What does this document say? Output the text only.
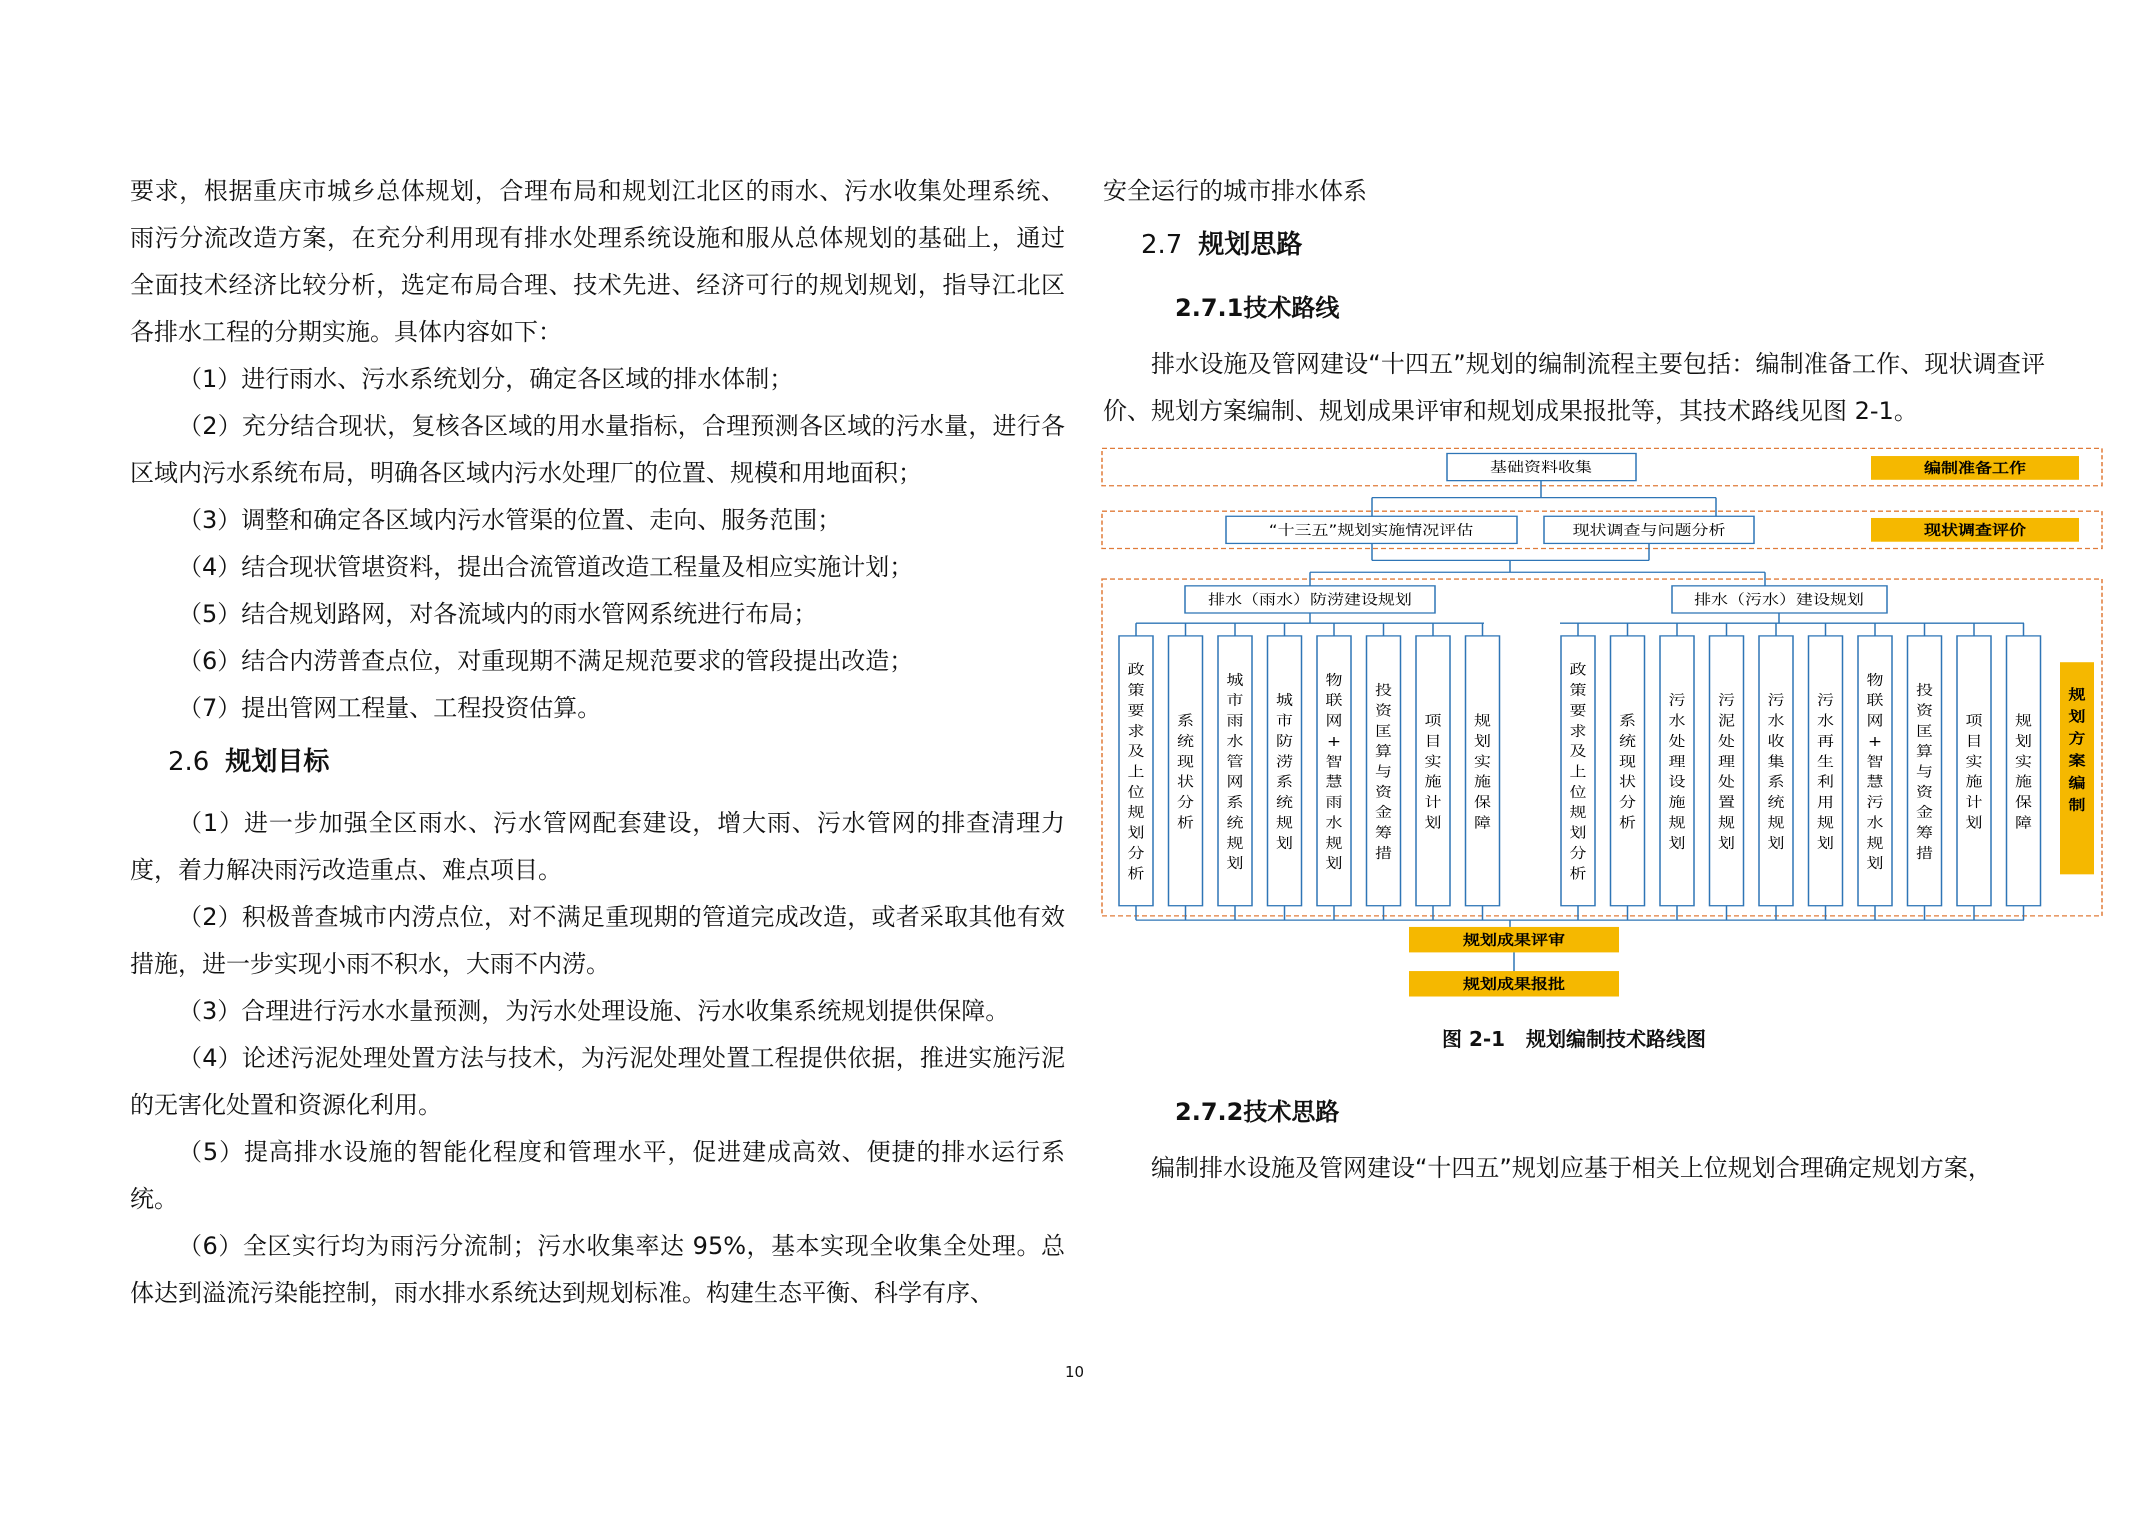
要求，根据重庆市城乡总体规划，合理布局和规划江北区的雨水、污水收集处理系统、雨污分流改造方案，在充分利用现有排水处理系统设施和服从总体规划的基础上，通过全面技术经济比较分析，选定布局合理、技术先进、经济可行的规划规划，指导江北区各排水工程的分期实施。具体内容如下：

（1）进行雨水、污水系统划分，确定各区域的排水体制；

（2）充分结合现状，复核各区域的用水量指标，合理预测各区域的污水量，进行各区域内污水系统布局，明确各区域内污水处理厂的位置、规模和用地面积；

（3）调整和确定各区域内污水管渠的位置、走向、服务范围；

（4）结合现状管堪资料，提出合流管道改造工程量及相应实施计划；

（5）结合规划路网，对各流域内的雨水管网系统进行布局；

（6）结合内涝普查点位，对重现期不满足规范要求的管段提出改造；

（7）提出管网工程量、工程投资估算。

2.6 规划目标

（1）进一步加强全区雨水、污水管网配套建设，增大雨、污水管网的排查清理力度，着力解决雨污改造重点、难点项目。

（2）积极普查城市内涝点位，对不满足重现期的管道完成改造，或者采取其他有效措施，进一步实现小雨不积水，大雨不内涝。

（3）合理进行污水水量预测，为污水处理设施、污水收集系统规划提供保障。

（4）论述污泥处理处置方法与技术，为污泥处理处置工程提供依据，推进实施污泥的无害化处置和资源化利用。

（5）提高排水设施的智能化程度和管理水平，促进建成高效、便捷的排水运行系统。

（6）全区实行均为雨污分流制；污水收集率达 95%，基本实现全收集全处理。总体达到溢流污染能控制，雨水排水系统达到规划标准。构建生态平衡、科学有序、

安全运行的城市排水体系

2.7 规划思路
2.7.1技术路线

排水设施及管网建设“十四五”规划的编制流程主要包括：编制准备工作、现状调查评价、规划方案编制、规划成果评审和规划成果报批等，其技术路线见图 2-1。

基础资料收集	编制准备工作
“十三五”规划实施情况评估	现状调查与问题分析	现状调查评价
排水（雨水）防涝建设规划	排水（污水）建设规划
政策要求及上位规划分析
系统现状分析
城市雨水管网系统规划
城市防涝系统规划
物联网+智慧雨水规划
投资匡算与资金筹措
项目实施计划
规划实施保障
政策要求及上位规划分析
系统现状分析
污水处理设施规划
污泥处理处置规划
污水收集系统规划
污水再生利用规划
物联网+智慧污水规划
投资匡算与资金筹措
项目实施计划
规划实施保障
规划方案编制
规划成果评审
规划成果报批
图 2-1 规划编制技术路线图
2.7.2技术思路

编制排水设施及管网建设“十四五”规划应基于相关上位规划合理确定规划方案，

10
